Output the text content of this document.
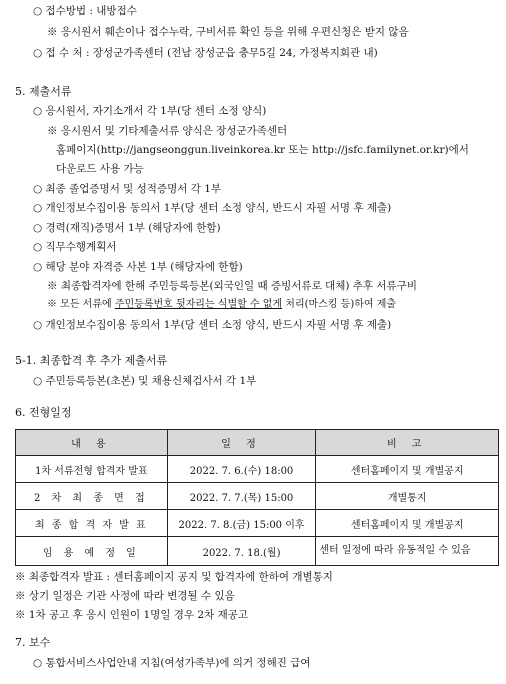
○ 접수방법 : 내방접수
※ 응시원서 훼손이나 접수누락, 구비서류 확인 등을 위해 우편신청은 받지 않음
○ 접 수 처 : 장성군가족센터 (전남 장성군읍 충무5길 24, 가정복지회관 내)
5. 제출서류
○ 응시원서, 자기소개서 각 1부(당 센터 소정 양식)
※ 응시원서 및 기타제출서류 양식은 장성군가족센터
홈페이지(http://jangseonggun.liveinkorea.kr 또는 http://jsfc.familynet.or.kr)에서
다운로드 사용 가능
○ 최종 졸업증명서 및 성적증명서 각 1부
○ 개인정보수집이용 동의서 1부(당 센터 소정 양식, 반드시 자필 서명 후 제출)
○ 경력(재직)증명서 1부 (해당자에 한함)
○ 직무수행계획서
○ 해당 분야 자격증 사본 1부 (해당자에 한함)
※ 최종합격자에 한해 주민등록등본(외국인일 때 증빙서류로 대체) 추후 서류구비
※ 모든 서류에 주민등록번호 뒷자리는 식별할 수 없게 처리(마스킹 등)하여 제출
○ 개인정보수집이용 동의서 1부(당 센터 소정 양식, 반드시 자필 서명 후 제출)
5-1. 최종합격 후 추가 제출서류
○ 주민등록등본(초본) 및 채용신체검사서 각 1부
6. 전형일정
내 용	일 정	비 고
1차 서류전형 합격자 발표	2022. 7. 6.(수) 18:00	센터홈페이지 및 개별공지
2 차 최 종 면 접	2022. 7. 7.(목) 15:00	개별통지
최 종 합 격 자 발 표	2022. 7. 8.(금) 15:00 이후	센터홈페이지 및 개별공지
임 용 예 정 일	2022. 7. 18.(월)	센터 일정에 따라 유동적일 수 있음
※ 최종합격자 발표 : 센터홈페이지 공지 및 합격자에 한하여 개별통지
※ 상기 일정은 기관 사정에 따라 변경될 수 있음
※ 1차 공고 후 응시 인원이 1명일 경우 2차 재공고
7. 보수
○ 통합서비스사업안내 지침(여성가족부)에 의거 정해진 급여
